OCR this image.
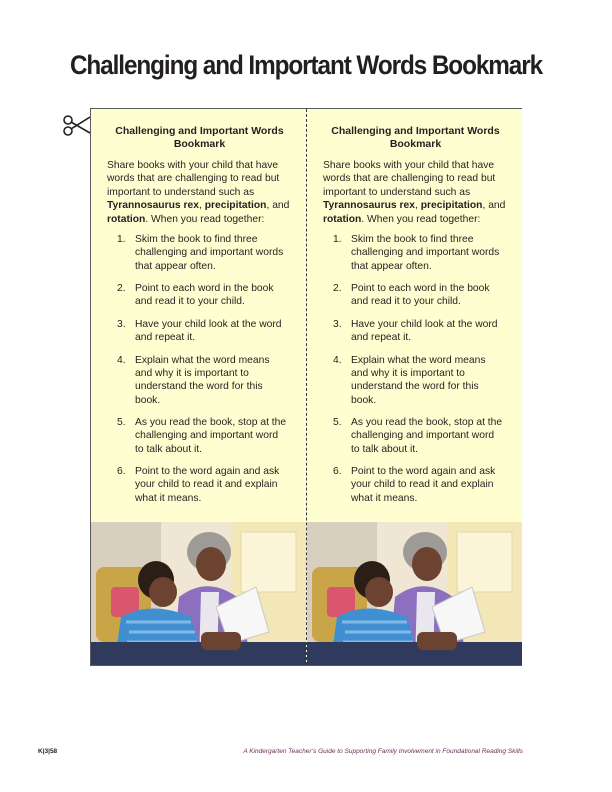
Challenging and Important Words Bookmark
Challenging and Important Words Bookmark
Share books with your child that have words that are challenging to read but important to understand such as Tyrannosaurus rex, precipitation, and rotation. When you read together:
1. Skim the book to find three challenging and important words that appear often.
2. Point to each word in the book and read it to your child.
3. Have your child look at the word and repeat it.
4. Explain what the word means and why it is important to understand the word for this book.
5. As you read the book, stop at the challenging and important word to talk about it.
6. Point to the word again and ask your child to read it and explain what it means.
Challenging and Important Words Bookmark
Share books with your child that have words that are challenging to read but important to understand such as Tyrannosaurus rex, precipitation, and rotation. When you read together:
1. Skim the book to find three challenging and important words that appear often.
2. Point to each word in the book and read it to your child.
3. Have your child look at the word and repeat it.
4. Explain what the word means and why it is important to understand the word for this book.
5. As you read the book, stop at the challenging and important word to talk about it.
6. Point to the word again and ask your child to read it and explain what it means.
K|3|58	A Kindergarten Teacher’s Guide to Supporting Family Involvement in Foundational Reading Skills
